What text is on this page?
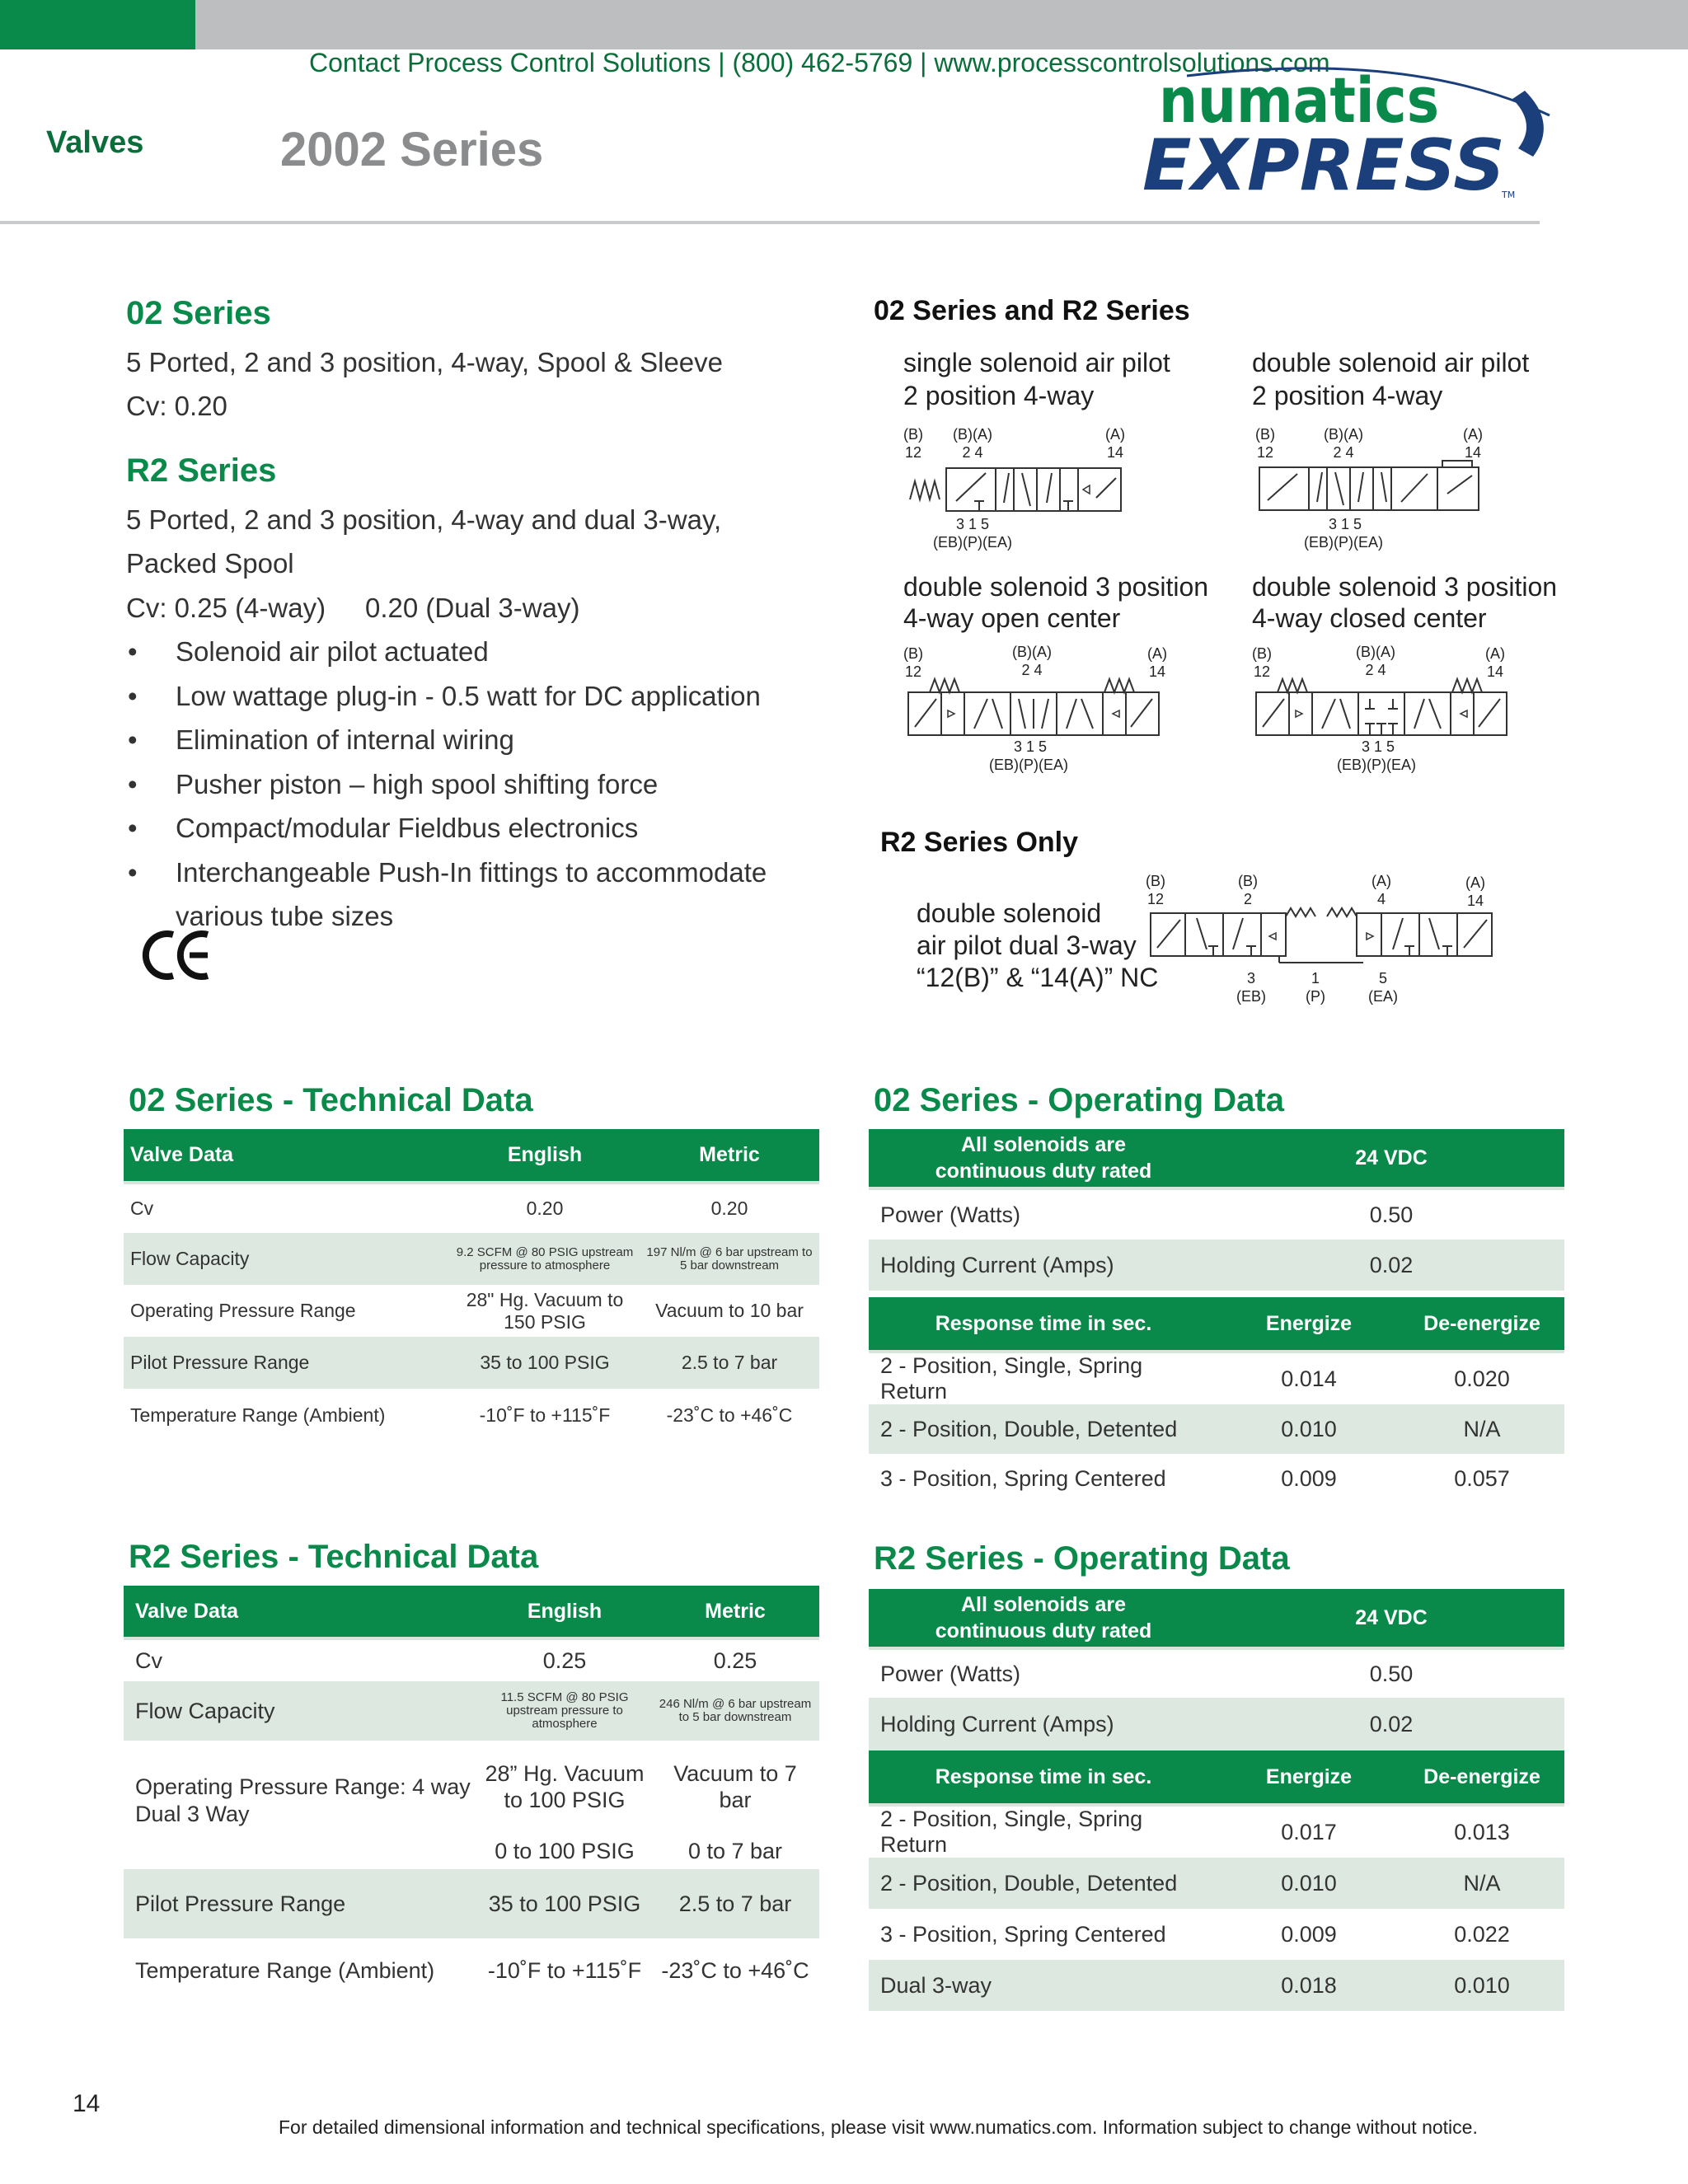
Contact Process Control Solutions | (800) 462-5769 | www.processcontrolsolutions.com
Valves	2002 Series
numatics
EXPRESS
TM
02 Series
5 Ported, 2 and 3 position, 4-way, Spool & Sleeve
Cv: 0.20
R2 Series
5 Ported, 2 and 3 position, 4-way and dual 3-way,
Packed Spool
Cv: 0.25 (4-way) 0.20 (Dual 3-way)
• Solenoid air pilot actuated
• Low wattage plug-in - 0.5 watt for DC application
• Elimination of internal wiring
• Pusher piston – high spool shifting force
• Compact/modular Fieldbus electronics
• Interchangeable Push-In fittings to accommodate
various tube sizes
02 Series and R2 Series
single solenoid air pilot
2 position 4-way
(B)
12
(B)(A)
2 4
(A)
14
3 1 5
(EB)(P)(EA)
double solenoid air pilot
2 position 4-way
(B)
12
(B)(A)
2 4
(A)
14
3 1 5
(EB)(P)(EA)
double solenoid 3 position
4-way open center
(B)
12
(B)(A)
2 4
(A)
14
3 1 5
(EB)(P)(EA)
double solenoid 3 position
4-way closed center
(B)
12
(B)(A)
2 4
(A)
14
3 1 5
(EB)(P)(EA)
R2 Series Only
double solenoid
air pilot dual 3-way
“12(B)” & “14(A)” NC
(B)
12
(B)
2
(A)
4
(A)
14
3
(EB)
1
(P)
5
(EA)
02 Series - Technical Data
Valve Data	English	Metric
Cv	0.20	0.20
Flow Capacity	9.2 SCFM @ 80 PSIG upstream pressure to atmosphere	197 Nl/m @ 6 bar upstream to 5 bar downstream
Operating Pressure Range	28" Hg. Vacuum to 150 PSIG	Vacuum to 10 bar
Pilot Pressure Range	35 to 100 PSIG	2.5 to 7 bar
Temperature Range (Ambient)	-10˚F to +115˚F	-23˚C to +46˚C
02 Series - Operating Data
All solenoids are
continuous duty rated	24 VDC	
Power (Watts)	0.50	
Holding Current (Amps)	0.02	

Response time in sec.	Energize	De-energize
2 - Position, Single, Spring Return	0.014	0.020
2 - Position, Double, Detented	0.010	N/A
3 - Position, Spring Centered	0.009	0.057
R2 Series - Technical Data
Valve Data	English	Metric
Cv	0.25	0.25
Flow Capacity	11.5 SCFM @ 80 PSIG upstream pressure to atmosphere	246 Nl/m @ 6 bar upstream to 5 bar downstream
Operating Pressure Range: 4 way	28” Hg. Vacuum to 100 PSIG	Vacuum to 7 bar
Dual 3 Way	0 to 100 PSIG	0 to 7 bar
Pilot Pressure Range	35 to 100 PSIG	2.5 to 7 bar
Temperature Range (Ambient)	-10˚F to +115˚F	-23˚C to +46˚C
R2 Series - Operating Data
All solenoids are
continuous duty rated	24 VDC	
Power (Watts)	0.50	
Holding Current (Amps)	0.02	
Response time in sec.	Energize	De-energize
2 - Position, Single, Spring Return	0.017	0.013
2 - Position, Double, Detented	0.010	N/A
3 - Position, Spring Centered	0.009	0.022
Dual 3-way	0.018	0.010
14
For detailed dimensional information and technical specifications, please visit www.numatics.com. Information subject to change without notice.
